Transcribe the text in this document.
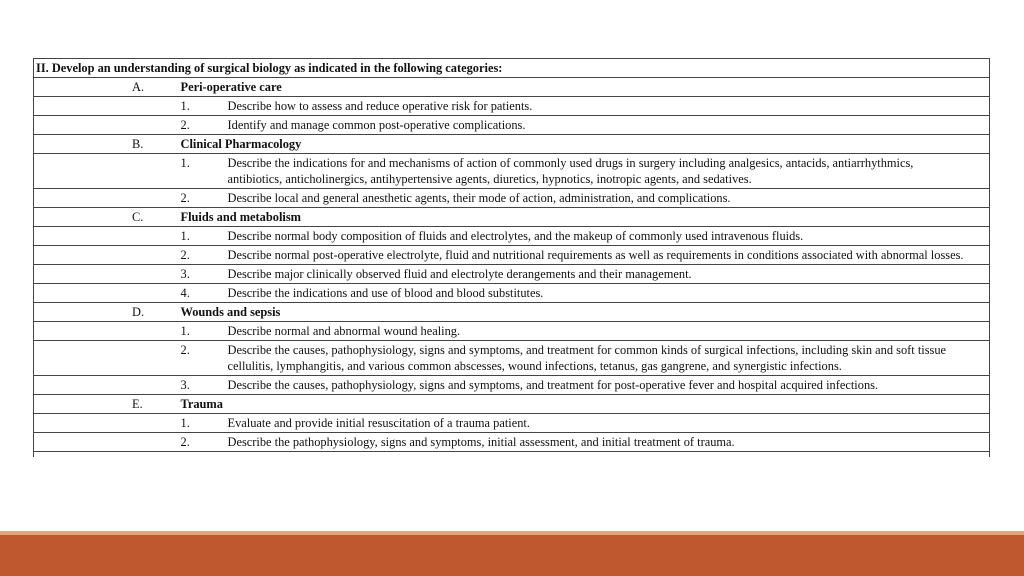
II. Develop an understanding of surgical biology as indicated in the following categories:		
A.	Peri-operative care	
	1.	Describe how to assess and reduce operative risk for patients.
	2.	Identify and manage common post-operative complications.
B.	Clinical Pharmacology	
	1.	Describe the indications for and mechanisms of action of commonly used drugs in surgery including analgesics, antacids, antiarrhythmics, antibiotics, anticholinergics, antihypertensive agents, diuretics, hypnotics, inotropic agents, and sedatives.
	2.	Describe local and general anesthetic agents, their mode of action, administration, and complications.
C.	Fluids and metabolism	
	1.	Describe normal body composition of fluids and electrolytes, and the makeup of commonly used intravenous fluids.
	2.	Describe normal post-operative electrolyte, fluid and nutritional requirements as well as requirements in conditions associated with abnormal losses.
	3.	Describe major clinically observed fluid and electrolyte derangements and their management.
	4.	Describe the indications and use of blood and blood substitutes.
D.	Wounds and sepsis	
	1.	Describe normal and abnormal wound healing.
	2.	Describe the causes, pathophysiology, signs and symptoms, and treatment for common kinds of surgical infections, including skin and soft tissue cellulitis, lymphangitis, and various common abscesses, wound infections, tetanus, gas gangrene, and synergistic infections.
	3.	Describe the causes, pathophysiology, signs and symptoms, and treatment for post-operative fever and hospital acquired infections.
E.	Trauma	
	1.	Evaluate and provide initial resuscitation of a trauma patient.
	2.	Describe the pathophysiology, signs and symptoms, initial assessment, and initial treatment of trauma.
